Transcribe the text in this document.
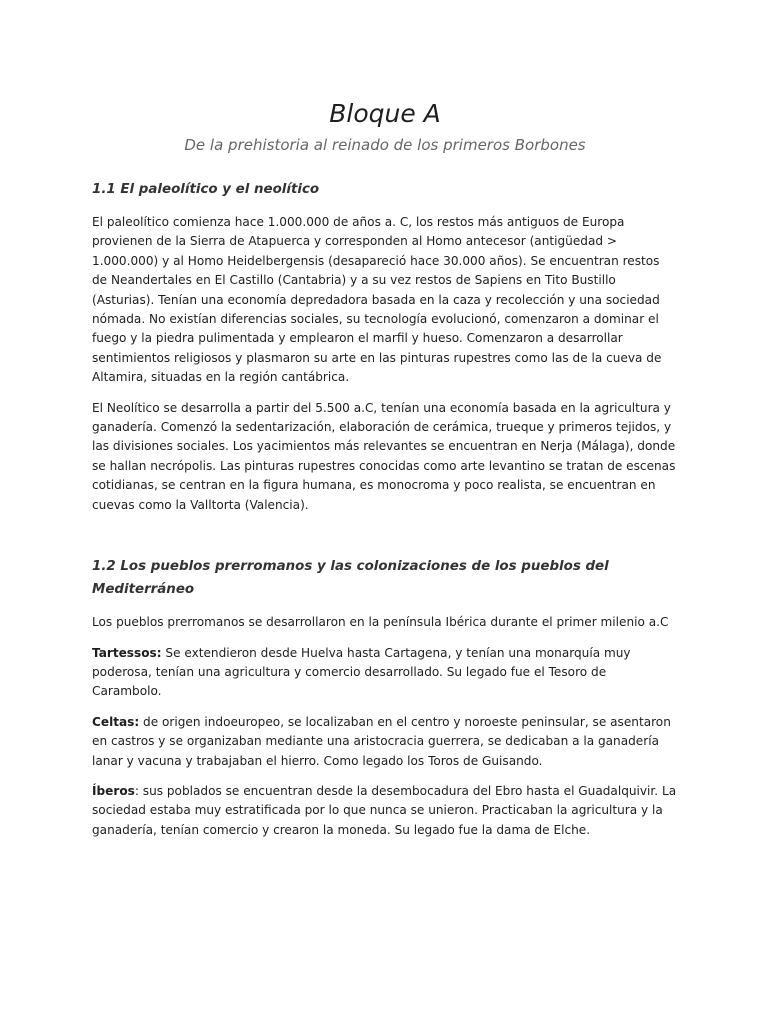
Bloque A

De la prehistoria al reinado de los primeros Borbones

1.1 El paleolítico y el neolítico

El paleolítico comienza hace 1.000.000 de años a. C, los restos más antiguos de Europa provienen de la Sierra de Atapuerca y corresponden al Homo antecesor (antigüedad > 1.000.000) y al Homo Heidelbergensis (desapareció hace 30.000 años). Se encuentran restos de Neandertales en El Castillo (Cantabria) y a su vez restos de Sapiens en Tito Bustillo (Asturias). Tenían una economía depredadora basada en la caza y recolección y una sociedad nómada. No existían diferencias sociales, su tecnología evolucionó, comenzaron a dominar el fuego y la piedra pulimentada y emplearon el marfil y hueso. Comenzaron a desarrollar sentimientos religiosos y plasmaron su arte en las pinturas rupestres como las de la cueva de Altamira, situadas en la región cantábrica.

El Neolítico se desarrolla a partir del 5.500 a.C, tenían una economía basada en la agricultura y ganadería. Comenzó la sedentarización, elaboración de cerámica, trueque y primeros tejidos, y las divisiones sociales. Los yacimientos más relevantes se encuentran en Nerja (Málaga), donde se hallan necrópolis. Las pinturas rupestres conocidas como arte levantino se tratan de escenas cotidianas, se centran en la figura humana, es monocroma y poco realista, se encuentran en cuevas como la Valltorta (Valencia).

1.2 Los pueblos prerromanos y las colonizaciones de los pueblos del Mediterráneo

Los pueblos prerromanos se desarrollaron en la península Ibérica durante el primer milenio a.C

Tartessos: Se extendieron desde Huelva hasta Cartagena, y tenían una monarquía muy poderosa, tenían una agricultura y comercio desarrollado. Su legado fue el Tesoro de Carambolo.

Celtas: de origen indoeuropeo, se localizaban en el centro y noroeste peninsular, se asentaron en castros y se organizaban mediante una aristocracia guerrera, se dedicaban a la ganadería lanar y vacuna y trabajaban el hierro. Como legado los Toros de Guisando.

Íberos: sus poblados se encuentran desde la desembocadura del Ebro hasta el Guadalquivir. La sociedad estaba muy estratificada por lo que nunca se unieron. Practicaban la agricultura y la ganadería, tenían comercio y crearon la moneda. Su legado fue la dama de Elche.
